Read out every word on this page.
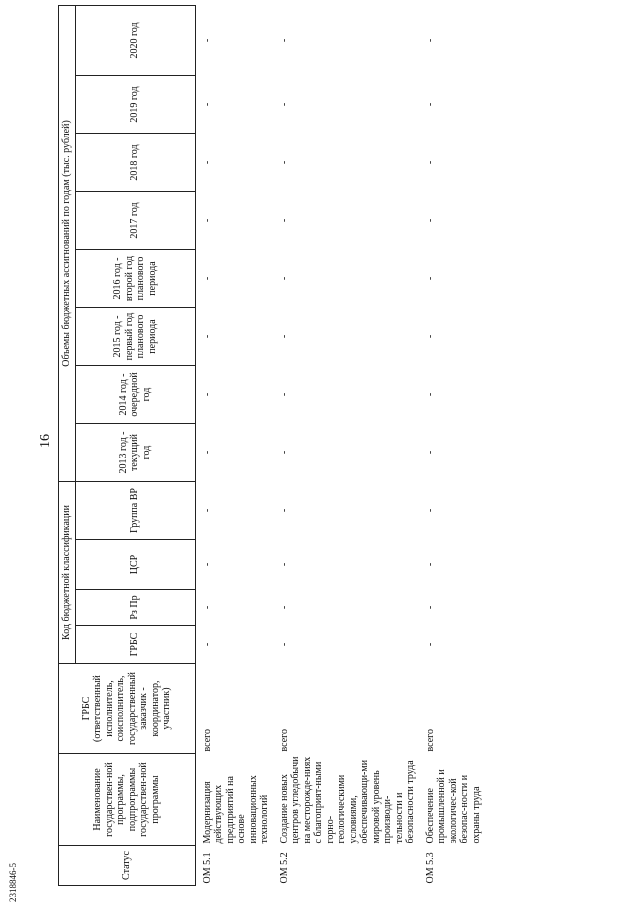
16
2318846-5	Статус	Наименование государствен-ной программы, подпрограммы государствен-ной программы	ГРБС (ответственный исполнитель, соисполнитель, государственный заказчик - координатор, участник)	Код бюджетной классификации				Объемы бюджетных ассигнований по годам (тыс. рублей)							
			ГРБС	Рз Пр	ЦСР	Группа ВР	2013 год - текущий год	2014 год - очередной год	2015 год - первый год планового периода	2016 год - второй год планового периода	2017 год	2018 год	2019 год	2020 год
ОМ 5.1	Модернизация действующих предприятий на основе инновационных технологий	всего	-	-	-	-	-	-	-	-	-	-	-	-
ОМ 5.2	Создание новых центров угледобычи на месторожде-ниях с благоприят-ными горно-геологическими условиями, обеспечивающи-ми мировой уровень производи-тельности и безопасности труда	всего	-	-	-	-	-	-	-	-	-	-	-	-
ОМ 5.3	Обеспечение промышленной и экологичес-кой безопас-ности и охраны труда	всего	-	-	-	-	-	-	-	-	-	-	-	-
